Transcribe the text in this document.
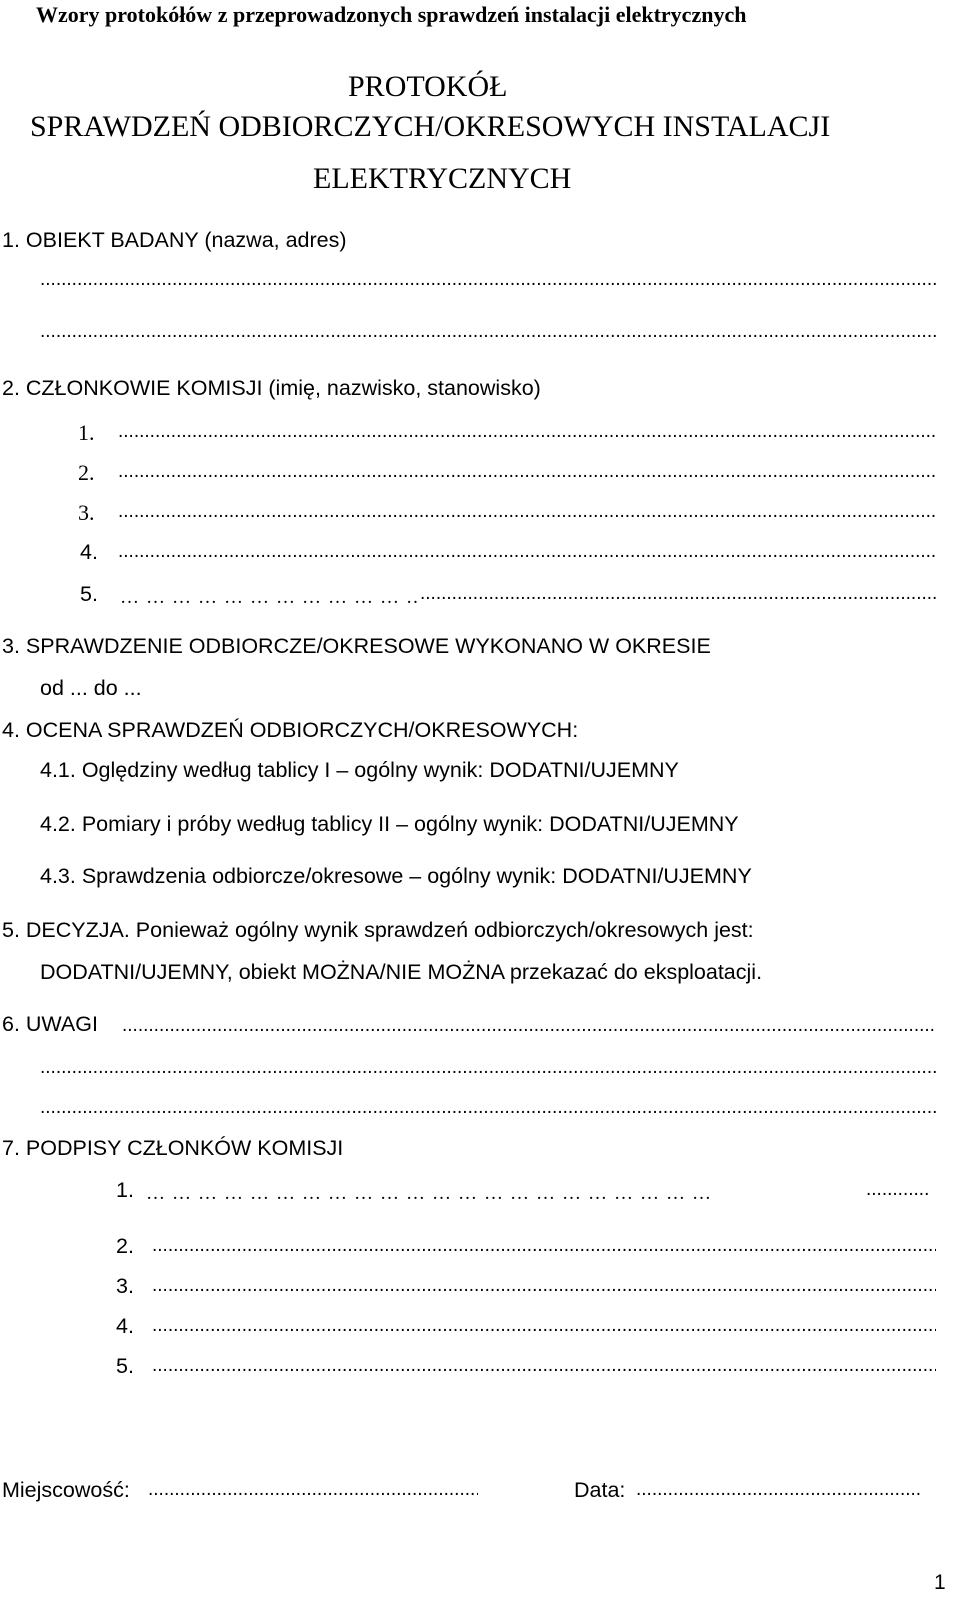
Wzory protokółów z przeprowadzonych sprawdzeń instalacji elektrycznych
PROTOKÓŁ
SPRAWDZEŃ ODBIORCZYCH/OKRESOWYCH INSTALACJI
ELEKTRYCZNYCH
1. OBIEKT BADANY (nazwa, adres)
.....
.....
2. CZŁONKOWIE KOMISJI (imię, nazwisko, stanowisko)
1.
.....
2.
.....
3.
.....
4.
.....
5.
…………………………………………………………
.....
3. SPRAWDZENIE ODBIORCZE/OKRESOWE WYKONANO W OKRESIE
od ... do ...
4. OCENA SPRAWDZEŃ ODBIORCZYCH/OKRESOWYCH:
4.1. Oględziny według tablicy I – ogólny wynik: DODATNI/UJEMNY
4.2. Pomiary i próby według tablicy II – ogólny wynik: DODATNI/UJEMNY
4.3. Sprawdzenia odbiorcze/okresowe – ogólny wynik: DODATNI/UJEMNY
5. DECYZJA. Ponieważ ogólny wynik sprawdzeń odbiorczych/okresowych jest:
DODATNI/UJEMNY, obiekt MOŻNA/NIE MOŻNA przekazać do eksploatacji.
6. UWAGI
.....
.....
.....
7. PODPISY CZŁONKÓW KOMISJI
1.
…………………………………………………………
.....
2.
.....
3.
.....
4.
.....
5.
.....
Miejscowość:
.....	Data:
.....
1
